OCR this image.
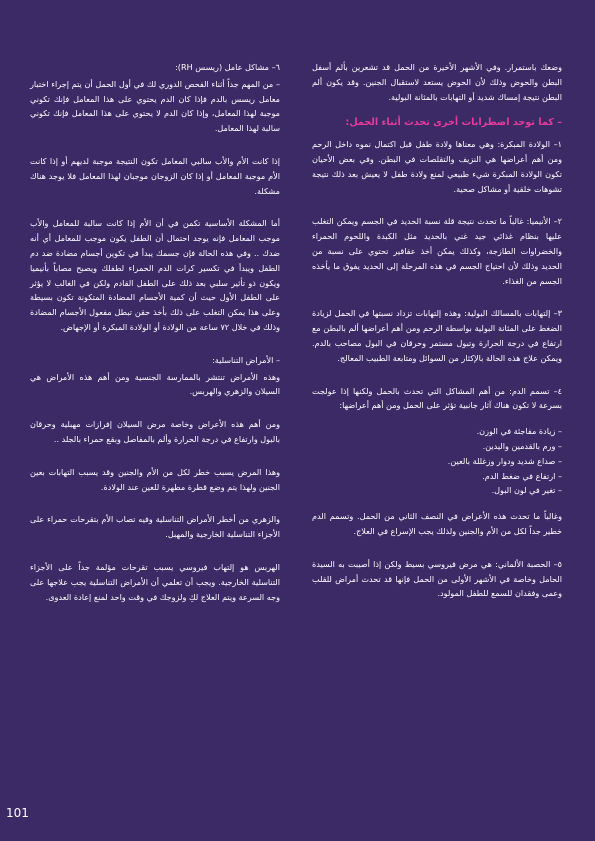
وضعك باستمرار. وفي الأشهر الأخيرة من الحمل قد تشعرين بألم أسفل البطن والحوض وذلك لأن الحوض يستعد لاستقبال الجنين. وقد يكون ألم البطن نتيجة إمساك شديد أو التهابات بالمثانة البولية.

– كما توجد اضطرابات أخرى تحدث أثناء الحمل:

١– الولادة المبكرة: وهي معناها ولادة طفل قبل اكتمال نموه داخل الرحم ومن أهم أعراضها هي النزيف والتقلصات في البطن. وفي بعض الأحيان تكون الولادة المبكرة شيء طبيعي لمنع ولادة طفل لا يعيش بعد ذلك نتيجة تشوهات خلقية أو مشاكل صحية.

٢– الأنيميا: غالباً ما تحدث نتيجة قلة نسبة الحديد في الجسم ويمكن التغلب عليها بنظام غذائي جيد غني بالحديد مثل الكبدة واللحوم الحمراء والخضراوات الطازجة، وكذلك يمكن أخذ عقاقير تحتوي على نسبة من الحديد وذلك لأن احتياج الجسم في هذه المرحلة إلى الحديد يفوق ما يأخذه الجسم من الغذاء.

٣– إلتهابات بالمسالك البولية: وهذه إلتهابات تزداد نسبتها في الحمل لزيادة الضغط على المثانة البولية بواسطة الرحم ومن أهم أعراضها ألم بالبطن مع ارتفاع في درجة الحرارة وتبول مستمر وحرقان في البول مصاحب بالدم. ويمكن علاج هذه الحالة بالإكثار من السوائل ومتابعة الطبيب المعالج.

٤– تسمم الدم: من أهم المشاكل التي تحدث بالحمل ولكنها إذا عولجت بسرعة لا تكون هناك آثار جانبية تؤثر على الحمل ومن أهم أعراضها:

– زيادة مفاجئة في الوزن.
– ورم بالقدمين واليدين.
– صداع شديد ودوار وزغللة بالعين.
– ارتفاع في ضغط الدم.
– تغير في لون البول.

وغالباً ما تحدث هذه الأعراض في النصف الثاني من الحمل. وتسمم الدم خطير جداً لكل من الأم والجنين ولذلك يجب الإسراع في العلاج.

٥– الحصبة الألماني: هي مرض فيروسي بسيط ولكن إذا أصيبت به السيدة الحامل وخاصة في الأشهر الأولى من الحمل فإنها قد تحدث أمراض للقلب وعمى وفقدان للسمع للطفل المولود.

٦– مشاكل عامل (ريسس RH):

– من المهم جداً أثناء الفحص الدوري لك في أول الحمل أن يتم إجراء اختبار معامل ريسس بالدم فإذا كان الدم يحتوي على هذا المعامل فإنك تكوني موجبة لهذا المعامل، وإذا كان الدم لا يحتوي على هذا المعامل فإنك تكوني سالبة لهذا المعامل.

إذا كانت الأم والأب سالبي المعامل تكون النتيجة موجبة لديهم أو إذا كانت الأم موجبة المعامل أو إذا كان الزوجان موجبان لهذا المعامل فلا يوجد هناك مشكلة.

أما المشكلة الأساسية تكمن في أن الأم إذا كانت سالبة للمعامل والأب موجب المعامل فإنه يوجد احتمال أن الطفل يكون موجب للمعامل أي أنه ضدك .. وفي هذه الحالة فإن جسمك يبدأ في تكوين أجسام مضادة ضد دم الطفل ويبدأ في تكسير كرات الدم الحمراء لطفلك ويصبح مصاباً بأنيميا ويكون ذو تأثير سلبي بعد ذلك على الطفل القادم ولكن في الغالب لا يؤثر على الطفل الأول حيث أن كمية الأجسام المضادة المتكونة تكون بسيطة وعلى هذا يمكن التغلب على ذلك بأخذ حقن تبطل مفعول الأجسام المضادة وذلك في خلال ٧٢ ساعة من الولادة أو الولادة المبكرة أو الإجهاض.

– الأمراض التناسلية:

وهذه الأمراض تنتشر بالممارسة الجنسية ومن أهم هذه الأمراض هي السيلان والزهري والهربس.

ومن أهم هذه الأعراض وخاصة مرض السيلان إفرازات مهبلية وحرقان بالبول وارتفاع في درجة الحرارة وألم بالمفاصل وبقع حمراء بالجلد ..

وهذا المرض يسبب خطر لكل من الأم والجنين وقد يسبب التهابات بعين الجنين ولهذا يتم وضع قطرة مطهرة للعين عند الولادة.

والزهري من أخطر الأمراض التناسلية وفيه تصاب الأم بتقرحات حمراء على الأجزاء التناسلية الخارجية والمهبل.

الهربس هو إلتهاب فيروسي يسبب تقرحات مؤلمة جداً على الأجزاء التناسلية الخارجية. ويجب أن تعلمي أن الأمراض التناسلية يجب علاجها على وجه السرعة ويتم العلاج لكِ ولزوجك في وقت واحد لمنع إعادة العدوى.

101
